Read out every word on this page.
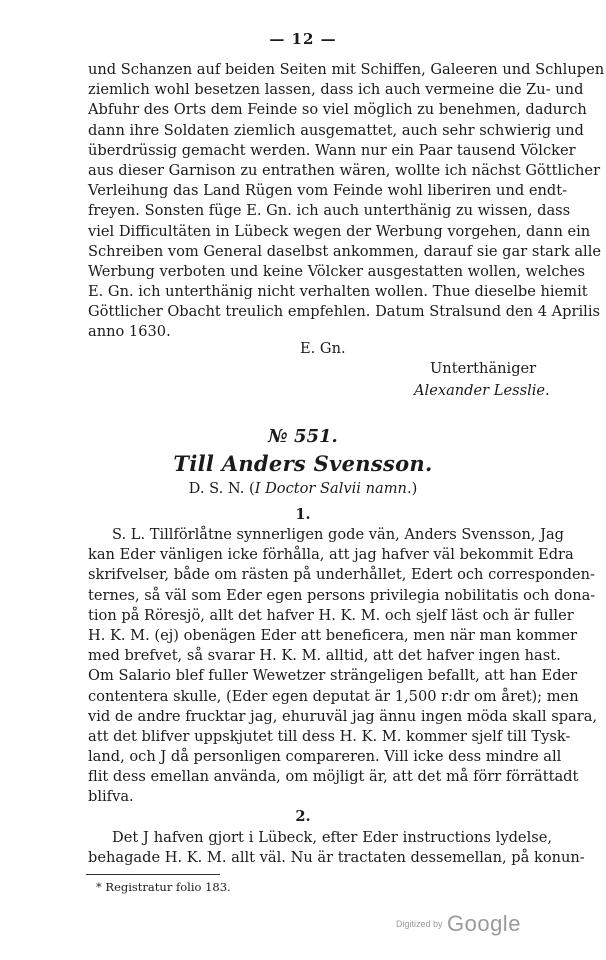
— 12 —
und Schanzen auf beiden Seiten mit Schiffen, Galeeren und Schlupen
ziemlich wohl besetzen lassen, dass ich auch vermeine die Zu- und
Abfuhr des Orts dem Feinde so viel möglich zu benehmen, dadurch
dann ihre Soldaten ziemlich ausgemattet, auch sehr schwierig und
überdrüssig gemacht werden. Wann nur ein Paar tausend Völcker
aus dieser Garnison zu entrathen wären, wollte ich nächst Göttlicher
Verleihung das Land Rügen vom Feinde wohl liberiren und endt-
freyen. Sonsten füge E. Gn. ich auch unterthänig zu wissen, dass
viel Difficultäten in Lübeck wegen der Werbung vorgehen, dann ein
Schreiben vom General daselbst ankommen, darauf sie gar stark alle
Werbung verboten und keine Völcker ausgestatten wollen, welches
E. Gn. ich unterthänig nicht verhalten wollen. Thue dieselbe hiemit
Göttlicher Obacht treulich empfehlen. Datum Stralsund den 4 Aprilis
anno 1630.
E. Gn.
Unterthäniger
Alexander Lesslie.
№ 551.
Till Anders Svensson.
D. S. N. (I Doctor Salvii namn.)
1.
S. L. Tillförlåtne synnerligen gode vän, Anders Svensson, Jag
kan Eder vänligen icke förhålla, att jag hafver väl bekommit Edra
skrifvelser, både om rästen på underhållet, Edert och corresponden-
ternes, så väl som Eder egen persons privilegia nobilitatis och dona-
tion på Röresjö, allt det hafver H. K. M. och sjelf läst och är fuller
H. K. M. (ej) obenägen Eder att beneficera, men när man kommer
med brefvet, så svarar H. K. M. alltid, att det hafver ingen hast.
Om Salario blef fuller Wewetzer strängeligen befallt, att han Eder
contentera skulle, (Eder egen deputat är 1,500 r:dr om året); men
vid de andre frucktar jag, ehuruväl jag ännu ingen möda skall spara,
att det blifver uppskjutet till dess H. K. M. kommer sjelf till Tysk-
land, och J då personligen compareren. Vill icke dess mindre all
flit dess emellan använda, om möjligt är, att det må förr förrättadt
blifva.
2.
Det J hafven gjort i Lübeck, efter Eder instructions lydelse,
behagade H. K. M. allt väl. Nu är tractaten dessemellan, på konun-
* Registratur folio 183.
Digitized by Google
